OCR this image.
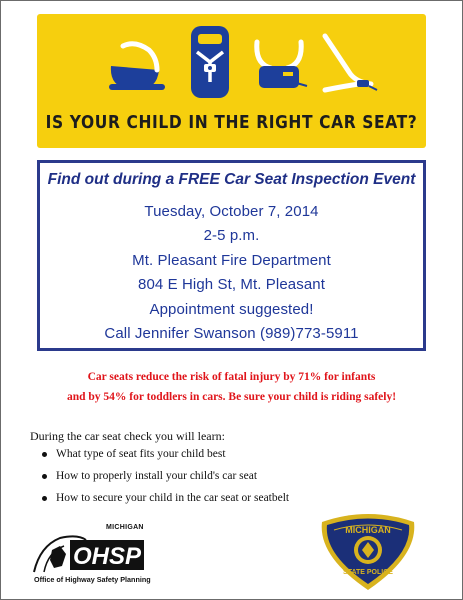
IS YOUR CHILD IN THE RIGHT CAR SEAT?
Find out during a FREE Car Seat Inspection Event
Tuesday, October 7, 2014
2-5 p.m.
Mt. Pleasant Fire Department
804 E High St, Mt. Pleasant
Appointment suggested!
Call Jennifer Swanson (989)773-5911
Car seats reduce the risk of fatal injury by 71% for infants
and by 54% for toddlers in cars. Be sure your child is riding safely!
During the car seat check you will learn:
What type of seat fits your child best
How to properly install your child's car seat
How to secure your child in the car seat or seatbelt
MICHIGAN
OHSP
Office of Highway Safety Planning
MICHIGAN
STATE POLICE
